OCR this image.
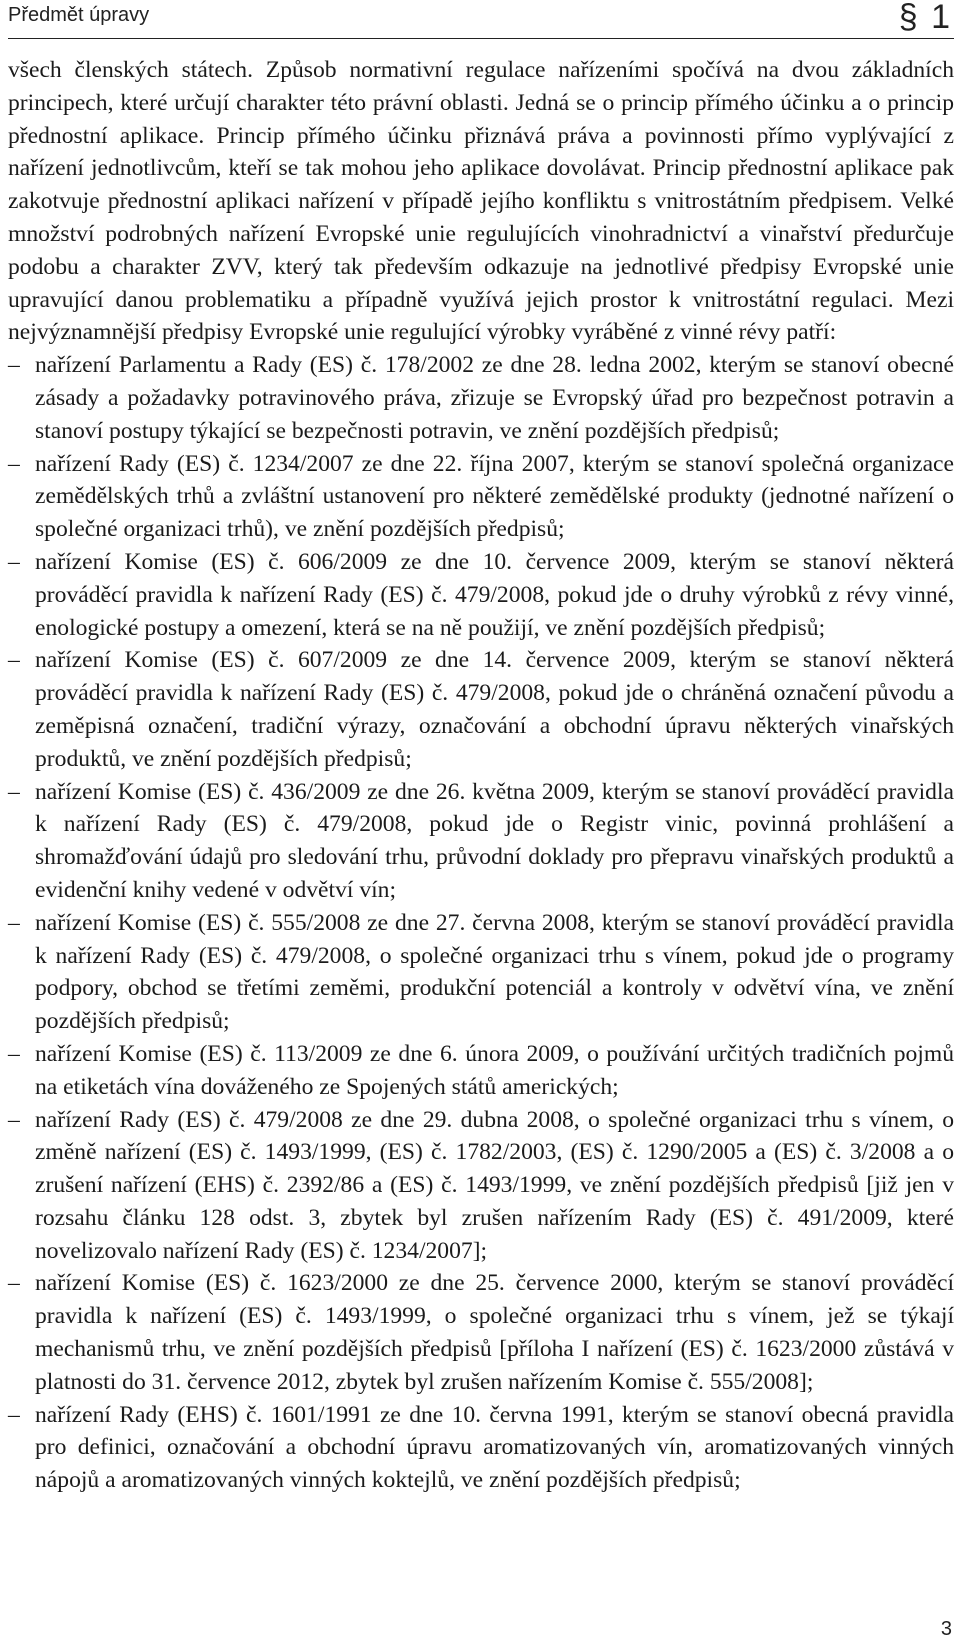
Předmět úpravy	§ 1

všech členských státech. Způsob normativní regulace nařízeními spočívá na dvou základních principech, které určují charakter této právní oblasti. Jedná se o princip přímého účinku a o princip přednostní aplikace. Princip přímého účinku přiznává práva a povinnosti přímo vyplývající z nařízení jednotlivcům, kteří se tak mohou jeho aplikace dovolávat. Princip přednostní aplikace pak zakotvuje přednostní aplikaci nařízení v případě jejího konfliktu s vnitrostátním předpisem. Velké množství podrobných nařízení Evropské unie regulujících vinohradnictví a vinařství předurčuje podobu a charakter ZVV, který tak především odkazuje na jednotlivé předpisy Evropské unie upravující danou problematiku a případně využívá jejich prostor k vnitrostátní regulaci. Mezi nejvýznamnější předpisy Evropské unie regulující výrobky vyráběné z vinné révy patří:

– nařízení Parlamentu a Rady (ES) č. 178/2002 ze dne 28. ledna 2002, kterým se stanoví obecné zásady a požadavky potravinového práva, zřizuje se Evropský úřad pro bezpečnost potravin a stanoví postupy týkající se bezpečnosti potravin, ve znění pozdějších předpisů;
– nařízení Rady (ES) č. 1234/2007 ze dne 22. října 2007, kterým se stanoví společná organizace zemědělských trhů a zvláštní ustanovení pro některé zemědělské produkty (jednotné nařízení o společné organizaci trhů), ve znění pozdějších předpisů;
– nařízení Komise (ES) č. 606/2009 ze dne 10. července 2009, kterým se stanoví některá prováděcí pravidla k nařízení Rady (ES) č. 479/2008, pokud jde o druhy výrobků z révy vinné, enologické postupy a omezení, která se na ně použijí, ve znění pozdějších předpisů;
– nařízení Komise (ES) č. 607/2009 ze dne 14. července 2009, kterým se stanoví některá prováděcí pravidla k nařízení Rady (ES) č. 479/2008, pokud jde o chráněná označení původu a zeměpisná označení, tradiční výrazy, označování a obchodní úpravu některých vinařských produktů, ve znění pozdějších předpisů;
– nařízení Komise (ES) č. 436/2009 ze dne 26. května 2009, kterým se stanoví prováděcí pravidla k nařízení Rady (ES) č. 479/2008, pokud jde o Registr vinic, povinná prohlášení a shromažďování údajů pro sledování trhu, průvodní doklady pro přepravu vinařských produktů a evidenční knihy vedené v odvětví vín;
– nařízení Komise (ES) č. 555/2008 ze dne 27. června 2008, kterým se stanoví prováděcí pravidla k nařízení Rady (ES) č. 479/2008, o společné organizaci trhu s vínem, pokud jde o programy podpory, obchod se třetími zeměmi, produkční potenciál a kontroly v odvětví vína, ve znění pozdějších předpisů;
– nařízení Komise (ES) č. 113/2009 ze dne 6. února 2009, o používání určitých tradičních pojmů na etiketách vína dováženého ze Spojených států amerických;
– nařízení Rady (ES) č. 479/2008 ze dne 29. dubna 2008, o společné organizaci trhu s vínem, o změně nařízení (ES) č. 1493/1999, (ES) č. 1782/2003, (ES) č. 1290/2005 a (ES) č. 3/2008 a o zrušení nařízení (EHS) č. 2392/86 a (ES) č. 1493/1999, ve znění pozdějších předpisů [již jen v rozsahu článku 128 odst. 3, zbytek byl zrušen nařízením Rady (ES) č. 491/2009, které novelizovalo nařízení Rady (ES) č. 1234/2007];
– nařízení Komise (ES) č. 1623/2000 ze dne 25. července 2000, kterým se stanoví prováděcí pravidla k nařízení (ES) č. 1493/1999, o společné organizaci trhu s vínem, jež se týkají mechanismů trhu, ve znění pozdějších předpisů [příloha I nařízení (ES) č. 1623/2000 zůstává v platnosti do 31. července 2012, zbytek byl zrušen nařízením Komise č. 555/2008];
– nařízení Rady (EHS) č. 1601/1991 ze dne 10. června 1991, kterým se stanoví obecná pravidla pro definici, označování a obchodní úpravu aromatizovaných vín, aromatizovaných vinných nápojů a aromatizovaných vinných koktejlů, ve znění pozdějších předpisů;
3
